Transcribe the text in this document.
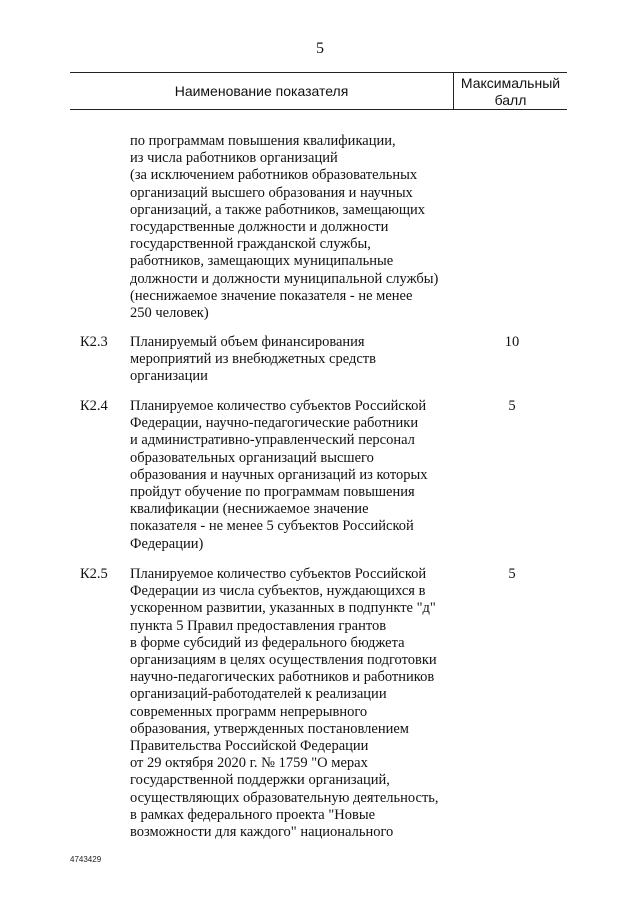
5
Наименование показателя	Максимальный
балл
по программам повышения квалификации,
из числа работников организаций
(за исключением работников образовательных
организаций высшего образования и научных
организаций, а также работников, замещающих
государственные должности и должности
государственной гражданской службы,
работников, замещающих муниципальные
должности и должности муниципальной службы)
(неснижаемое значение показателя - не менее
250 человек)
К2.3 Планируемый объем финансирования
мероприятий из внебюджетных средств
организации
10
К2.4 Планируемое количество субъектов Российской
Федерации, научно-педагогические работники
и административно-управленческий персонал
образовательных организаций высшего
образования и научных организаций из которых
пройдут обучение по программам повышения
квалификации (неснижаемое значение
показателя - не менее 5 субъектов Российской
Федерации)
5
К2.5 Планируемое количество субъектов Российской
Федерации из числа субъектов, нуждающихся в
ускоренном развитии, указанных в подпункте "д"
пункта 5 Правил предоставления грантов
в форме субсидий из федерального бюджета
организациям в целях осуществления подготовки
научно-педагогических работников и работников
организаций-работодателей к реализации
современных программ непрерывного
образования, утвержденных постановлением
Правительства Российской Федерации
от 29 октября 2020 г. № 1759 "О мерах
государственной поддержки организаций,
осуществляющих образовательную деятельность,
в рамках федерального проекта "Новые
возможности для каждого" национального
5
4743429
